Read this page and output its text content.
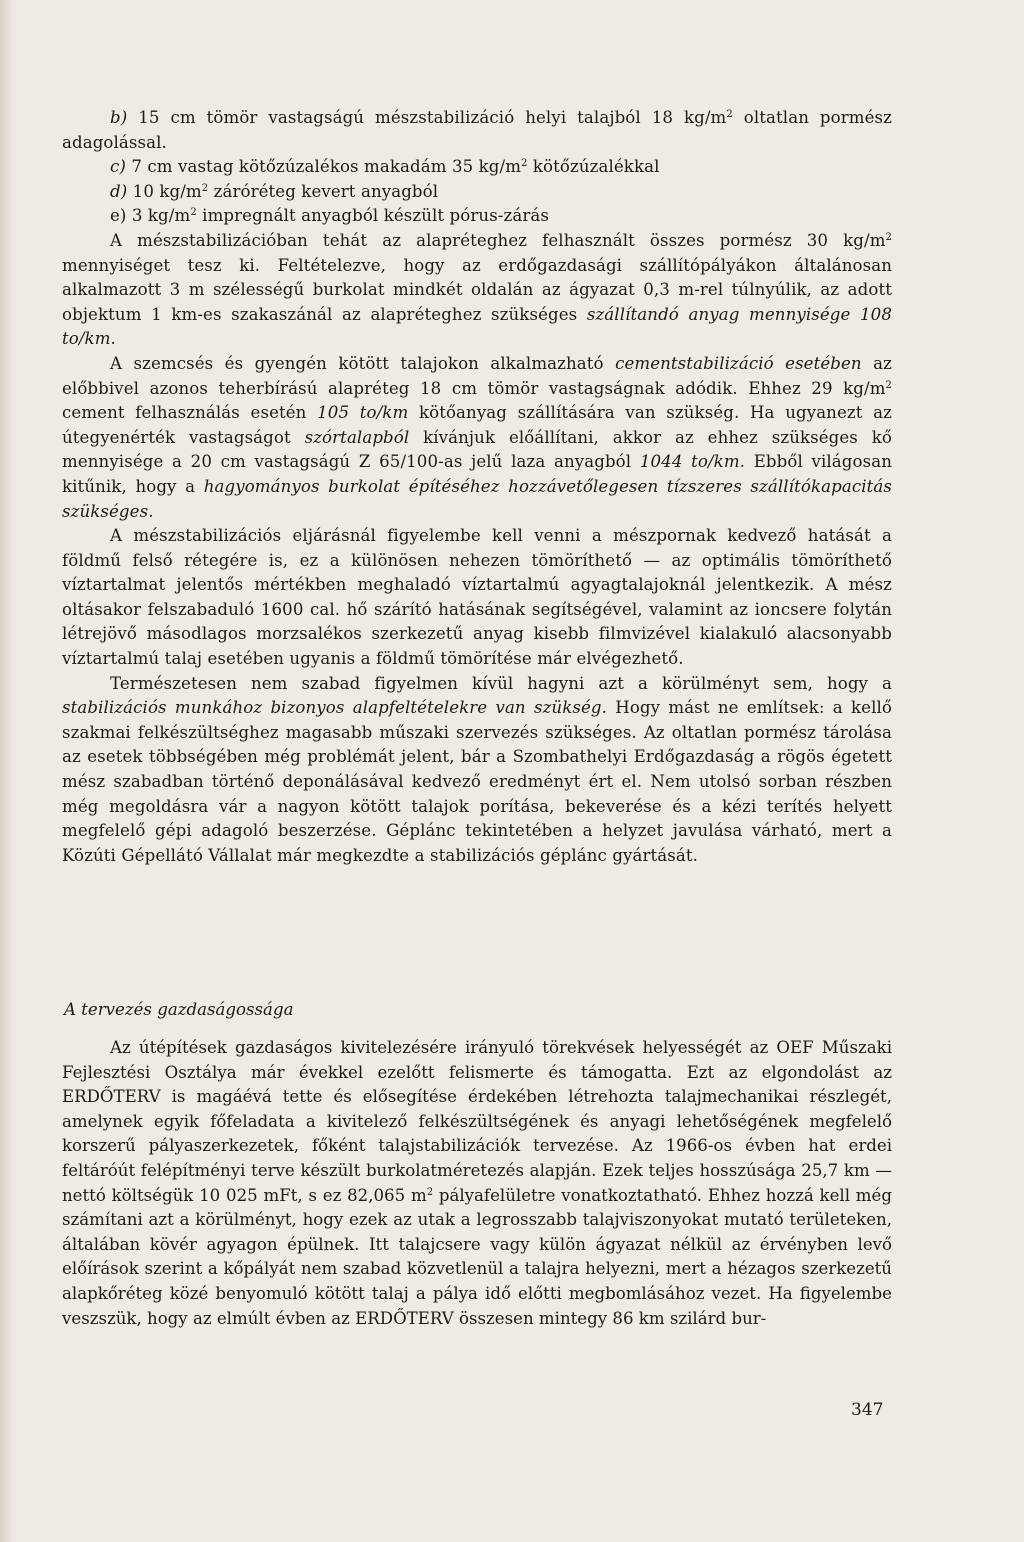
b) 15 cm tömör vastagságú mészstabilizáció helyi talajból 18 $kg/m^2$ oltatlan pormész adagolással.

c) 7 cm vastag kötőzúzalékos makadám 35 $kg/m^2$ kötőzúzalékkal

d) 10 $kg/m^2$ záróréteg kevert anyagból

e) 3 $kg/m^2$ impregnált anyagból készült pórus-zárás

A mészstabilizációban tehát az alapréteghez felhasznált összes pormész 30 $kg/m^2$ mennyiséget tesz ki. Feltételezve, hogy az erdőgazdasági szállítópályákon általánosan alkalmazott 3 m szélességű burkolat mindkét oldalán az ágyazat 0,3 m-rel túlnyúlik, az adott objektum 1 km-es szakaszánál az alapréteghez szükséges szállítandó anyag mennyisége 108 to/km.

A szemcsés és gyengén kötött talajokon alkalmazható cementstabilizáció esetében az előbbivel azonos teherbírású alapréteg 18 cm tömör vastagságnak adódik. Ehhez 29 $kg/m^2$ cement felhasználás esetén 105 to/km kötőanyag szállítására van szükség. Ha ugyanezt az útegyenérték vastagságot szórtalapból kívánjuk előállítani, akkor az ehhez szükséges kő mennyisége a 20 cm vastagságú Z 65/100-as jelű laza anyagból 1044 to/km. Ebből világosan kitűnik, hogy a hagyományos burkolat építéséhez hozzávetőlegesen tízszeres szállítókapacitás szükséges.

A mészstabilizációs eljárásnál figyelembe kell venni a mészpornak kedvező hatását a földmű felső rétegére is, ez a különösen nehezen tömöríthető — az optimális tömöríthető víztartalmat jelentős mértékben meghaladó víztartalmú agyagtalajoknál jelentkezik. A mész oltásakor felszabaduló 1600 cal. hő szárító hatásának segítségével, valamint az ioncsere folytán létrejövő másodlagos morzsalékos szerkezetű anyag kisebb filmvizével kialakuló alacsonyabb víztartalmú talaj esetében ugyanis a földmű tömörítése már elvégezhető.

Természetesen nem szabad figyelmen kívül hagyni azt a körülményt sem, hogy a stabilizációs munkához bizonyos alapfeltételekre van szükség. Hogy mást ne említsek: a kellő szakmai felkészültséghez magasabb műszaki szervezés szükséges. Az oltatlan pormész tárolása az esetek többségében még problémát jelent, bár a Szombathelyi Erdőgazdaság a rögös égetett mész szabadban történő deponálásával kedvező eredményt ért el. Nem utolsó sorban részben még megoldásra vár a nagyon kötött talajok porítása, bekeverése és a kézi terítés helyett megfelelő gépi adagoló beszerzése. Géplánc tekintetében a helyzet javulása várható, mert a Közúti Gépellátó Vállalat már megkezdte a stabilizációs géplánc gyártását.

A tervezés gazdaságossága

Az útépítések gazdaságos kivitelezésére irányuló törekvések helyességét az OEF Műszaki Fejlesztési Osztálya már évekkel ezelőtt felismerte és támogatta. Ezt az elgondolást az ERDŐTERV is magáévá tette és elősegítése érdekében létrehozta talajmechanikai részlegét, amelynek egyik főfeladata a kivitelező felkészültségének és anyagi lehetőségének megfelelő korszerű pályaszerkezetek, főként talajstabilizációk tervezése. Az 1966-os évben hat erdei feltáróút felépítményi terve készült burkolatméretezés alapján. Ezek teljes hosszúsága 25,7 km — nettó költségük 10 025 mFt, s ez 82,065 $m^2$ pályafelületre vonatkoztatható. Ehhez hozzá kell még számítani azt a körülményt, hogy ezek az utak a legrosszabb talajviszonyokat mutató területeken, általában kövér agyagon épülnek. Itt talajcsere vagy külön ágyazat nélkül az érvényben levő előírások szerint a kőpályát nem szabad közvetlenül a talajra helyezni, mert a hézagos szerkezetű alapkőréteg közé benyomuló kötött talaj a pálya idő előtti megbomlásához vezet. Ha figyelembe veszszük, hogy az elmúlt évben az ERDŐTERV összesen mintegy 86 km szilárd bur-

347
